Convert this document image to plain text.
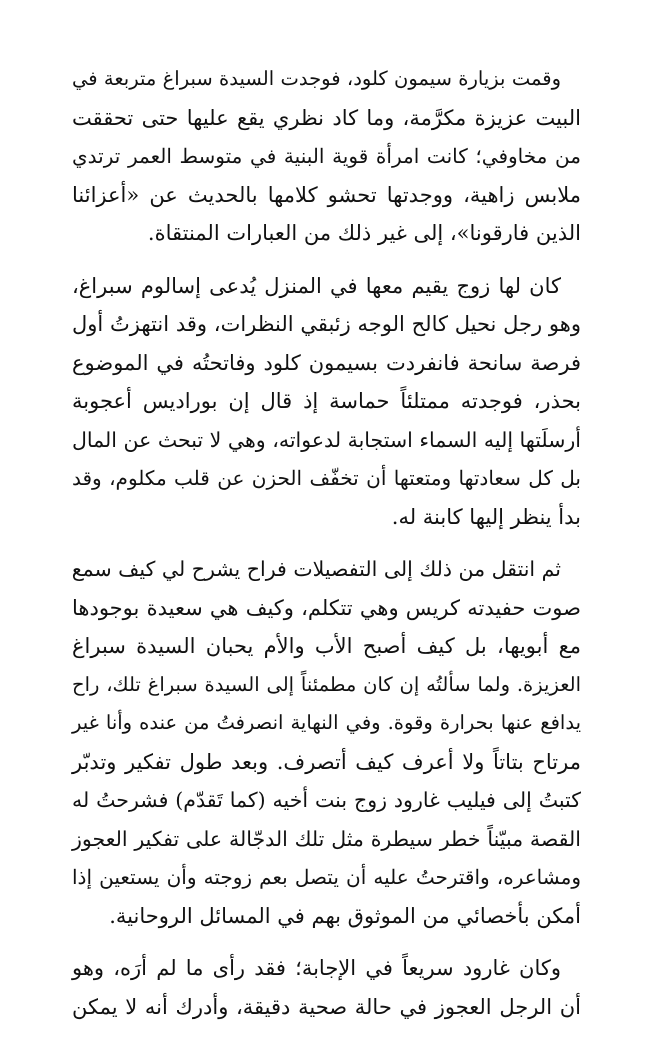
وقمت بزيارة سيمون كلود، فوجدت السيدة سبراغ متربعة في
البيت عزيزة مكرَّمة، وما كاد نظري يقع عليها حتى تحققت
من مخاوفي؛ كانت امرأة قوية البنية في متوسط العمر ترتدي
ملابس زاهية، ووجدتها تحشو كلامها بالحديث عن «أعزائنا
الذين فارقونا»، إلى غير ذلك من العبارات المنتقاة.

كان لها زوج يقيم معها في المنزل يُدعى إسالوم سبراغ،
وهو رجل نحيل كالح الوجه زئبقي النظرات، وقد انتهزتُ أول
فرصة سانحة فانفردت بسيمون كلود وفاتحتُه في الموضوع
بحذر، فوجدته ممتلئاً حماسة إذ قال إن بورادیس أعجوبة
أرسلَتها إليه السماء استجابة لدعواته، وهي لا تبحث عن المال
بل كل سعادتها ومتعتها أن تخفّف الحزن عن قلب مكلوم، وقد
بدأ ينظر إليها كابنة له.

ثم انتقل من ذلك إلى التفصيلات فراح يشرح لي كيف سمع
صوت حفيدته كريس وهي تتكلم، وكيف هي سعيدة بوجودها
مع أبويها، بل كيف أصبح الأب والأم يحبان السيدة سبراغ
العزيزة. ولما سألتُه إن كان مطمئناً إلى السيدة سبراغ تلك، راح
يدافع عنها بحرارة وقوة. وفي النهاية انصرفتُ من عنده وأنا غير
مرتاح بتاتاً ولا أعرف كيف أتصرف. وبعد طول تفكير وتدبّر
كتبتُ إلى فيليب غارود زوج بنت أخيه (كما تَقدّم) فشرحتُ له
القصة مبيّناً خطر سيطرة مثل تلك الدجّالة على تفكير العجوز
ومشاعره، واقترحتُ عليه أن يتصل بعم زوجته وأن يستعين إذا
أمكن بأخصائي من الموثوق بهم في المسائل الروحانية.

وكان غارود سريعاً في الإجابة؛ فقد رأى ما لم أرَه، وهو
أن الرجل العجوز في حالة صحية دقيقة، وأدرك أنه لا يمكن
